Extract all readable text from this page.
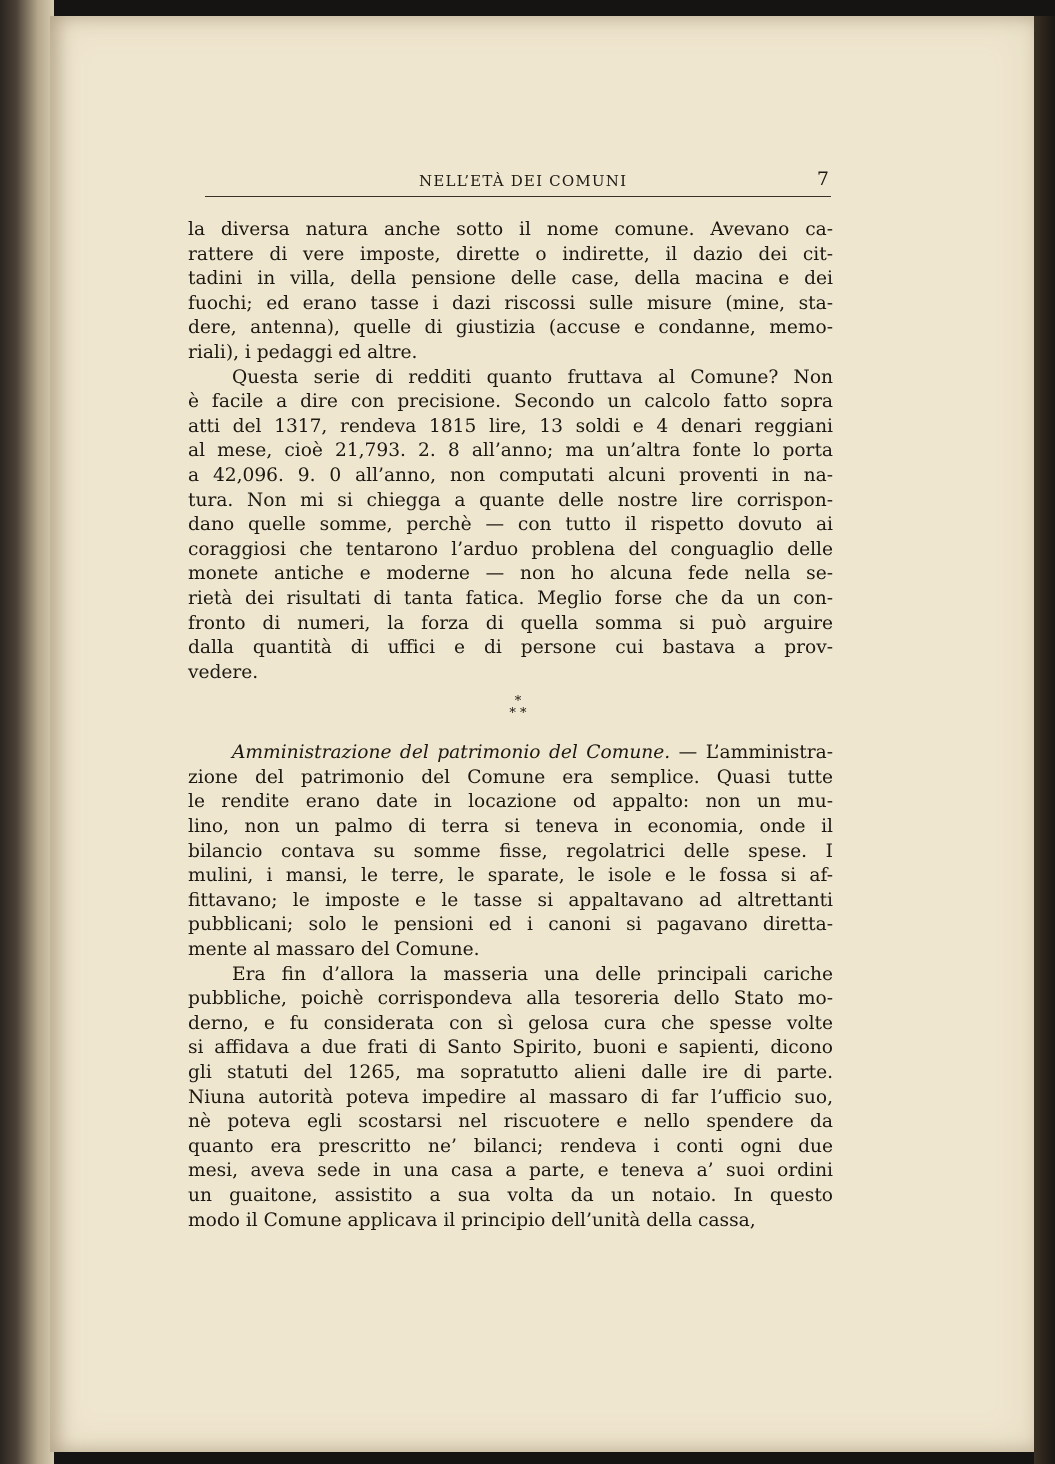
NELL’ETÀ DEI COMUNI	7
la diversa natura anche sotto il nome comune. Avevano ca-
rattere di vere imposte, dirette o indirette, il dazio dei cit-
tadini in villa, della pensione delle case, della macina e dei
fuochi; ed erano tasse i dazi riscossi sulle misure (mine, sta-
dere, antenna), quelle di giustizia (accuse e condanne, memo-
riali), i pedaggi ed altre.
Questa serie di redditi quanto fruttava al Comune? Non
è facile a dire con precisione. Secondo un calcolo fatto sopra
atti del 1317, rendeva 1815 lire, 13 soldi e 4 denari reggiani
al mese, cioè 21,793. 2. 8 all’anno; ma un’altra fonte lo porta
a 42,096. 9. 0 all’anno, non computati alcuni proventi in na-
tura. Non mi si chiegga a quante delle nostre lire corrispon-
dano quelle somme, perchè — con tutto il rispetto dovuto ai
coraggiosi che tentarono l’arduo problena del conguaglio delle
monete antiche e moderne — non ho alcuna fede nella se-
rietà dei risultati di tanta fatica. Meglio forse che da un con-
fronto di numeri, la forza di quella somma si può arguire
dalla quantità di uffici e di persone cui bastava a prov-
vedere.
Amministrazione del patrimonio del Comune. — L’amministra-
zione del patrimonio del Comune era semplice. Quasi tutte
le rendite erano date in locazione od appalto: non un mu-
lino, non un palmo di terra si teneva in economia, onde il
bilancio contava su somme fisse, regolatrici delle spese. I
mulini, i mansi, le terre, le sparate, le isole e le fossa si af-
fittavano; le imposte e le tasse si appaltavano ad altrettanti
pubblicani; solo le pensioni ed i canoni si pagavano diretta-
mente al massaro del Comune.
Era fin d’allora la masseria una delle principali cariche
pubbliche, poichè corrispondeva alla tesoreria dello Stato mo-
derno, e fu considerata con sì gelosa cura che spesse volte
si affidava a due frati di Santo Spirito, buoni e sapienti, dicono
gli statuti del 1265, ma sopratutto alieni dalle ire di parte.
Niuna autorità poteva impedire al massaro di far l’ufficio suo,
nè poteva egli scostarsi nel riscuotere e nello spendere da
quanto era prescritto ne’ bilanci; rendeva i conti ogni due
mesi, aveva sede in una casa a parte, e teneva a’ suoi ordini
un guaitone, assistito a sua volta da un notaio. In questo
modo il Comune applicava il principio dell’unità della cassa,
*
* *
